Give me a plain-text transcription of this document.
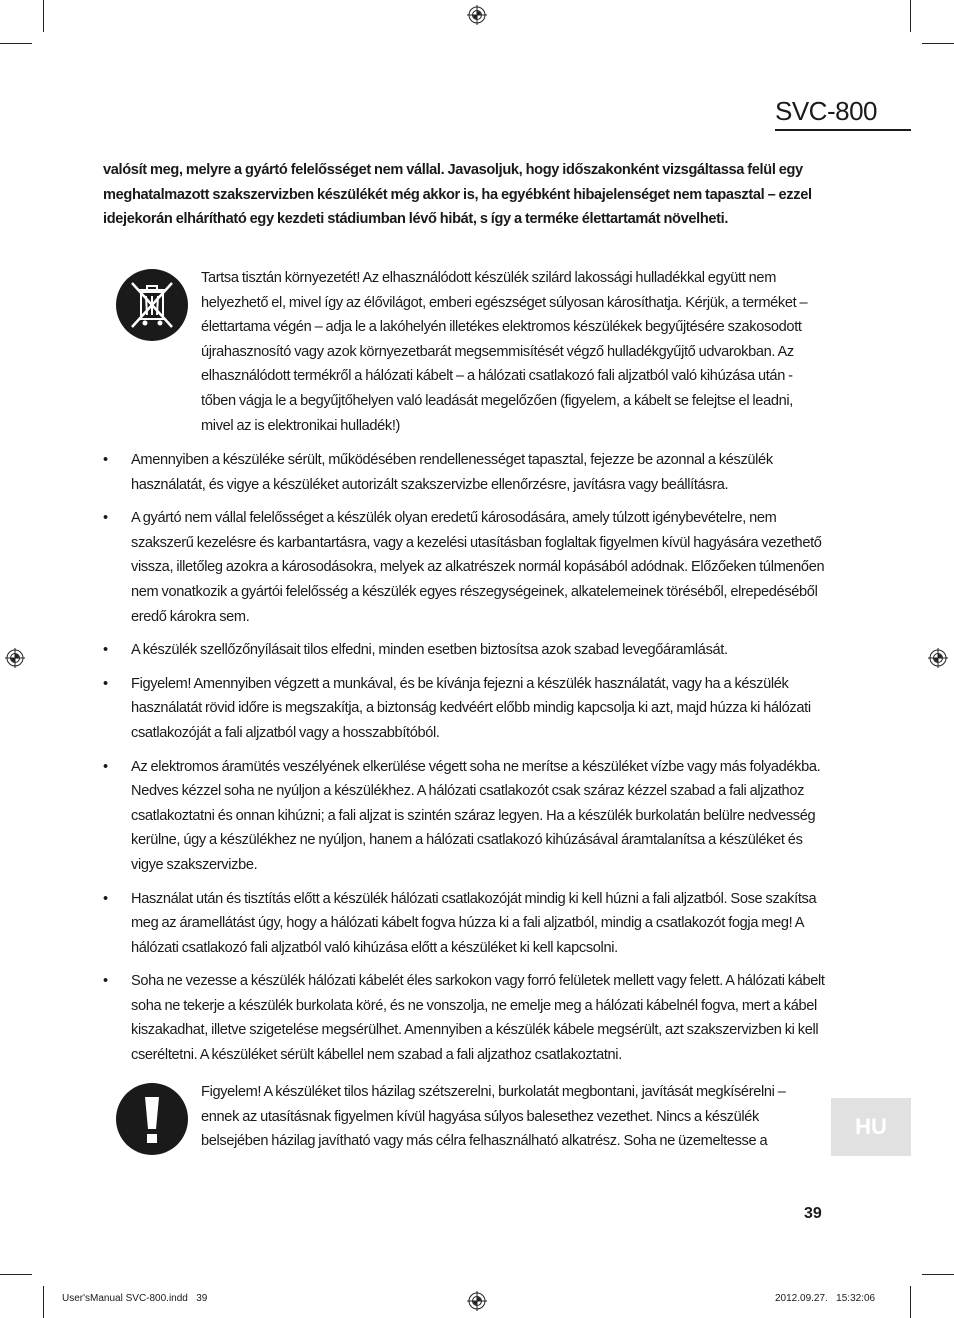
SVC-800
valósít meg, melyre a gyártó felelősséget nem vállal. Javasoljuk, hogy időszakonként vizsgáltassa felül egy meghatalmazott szakszervizben készülékét még akkor is, ha egyébként hibajelenséget nem tapasztal – ezzel idejekorán elhárítható egy kezdeti stádiumban lévő hibát, s így a terméke élettartamát növelheti.
Tartsa tisztán környezetét! Az elhasználódott készülék szilárd lakossági hulladékkal együtt nem helyezhető el, mivel így az élővilágot, emberi egészséget súlyosan károsíthatja. Kérjük, a terméket – élettartama végén – adja le a lakóhelyén illetékes elektromos készülékek begyűjtésére szakosodott újrahasznosító vagy azok környezetbarát megsemmisítését végző hulladékgyűjtő udvarokban. Az elhasználódott termékről a hálózati kábelt – a hálózati csatlakozó fali aljzatból való kihúzása után - tőben vágja le a begyűjtőhelyen való leadását megelőzően (figyelem, a kábelt se felejtse el leadni, mivel az is elektronikai hulladék!)
• Amennyiben a készüléke sérült, működésében rendellenességet tapasztal, fejezze be azonnal a készülék használatát, és vigye a készüléket autorizált szakszervizbe ellenőrzésre, javításra vagy beállításra.
• A gyártó nem vállal felelősséget a készülék olyan eredetű károsodására, amely túlzott igénybevételre, nem szakszerű kezelésre és karbantartásra, vagy a kezelési utasításban foglaltak figyelmen kívül hagyására vezethető vissza, illetőleg azokra a károsodásokra, melyek az alkatrészek normál kopásából adódnak. Előzőeken túlmenően nem vonatkozik a gyártói felelősség a készülék egyes részegységeinek, alkatelemeinek töréséből, elrepedéséből eredő károkra sem.
• A készülék szellőzőnyílásait tilos elfedni, minden esetben biztosítsa azok szabad levegőáramlását.
• Figyelem! Amennyiben végzett a munkával, és be kívánja fejezni a készülék használatát, vagy ha a készülék használatát rövid időre is megszakítja, a biztonság kedvéért előbb mindig kapcsolja ki azt, majd húzza ki hálózati csatlakozóját a fali aljzatból vagy a hosszabbítóból.
• Az elektromos áramütés veszélyének elkerülése végett soha ne merítse a készüléket vízbe vagy más folyadékba. Nedves kézzel soha ne nyúljon a készülékhez. A hálózati csatlakozót csak száraz kézzel szabad a fali aljzathoz csatlakoztatni és onnan kihúzni; a fali aljzat is szintén száraz legyen. Ha a készülék burkolatán belülre nedvesség kerülne, úgy a készülékhez ne nyúljon, hanem a hálózati csatlakozó kihúzásával áramtalanítsa a készüléket és vigye szakszervizbe.
• Használat után és tisztítás előtt a készülék hálózati csatlakozóját mindig ki kell húzni a fali aljzatból. Sose szakítsa meg az áramellátást úgy, hogy a hálózati kábelt fogva húzza ki a fali aljzatból, mindig a csatlakozót fogja meg! A hálózati csatlakozó fali aljzatból való kihúzása előtt a készüléket ki kell kapcsolni.
• Soha ne vezesse a készülék hálózati kábelét éles sarkokon vagy forró felületek mellett vagy felett. A hálózati kábelt soha ne tekerje a készülék burkolata köré, és ne vonszolja, ne emelje meg a hálózati kábelnél fogva, mert a kábel kiszakadhat, illetve szigetelése megsérülhet. Amennyiben a készülék kábele megsérült, azt szakszervizben ki kell cseréltetni. A készüléket sérült kábellel nem szabad a fali aljzathoz csatlakoztatni.
Figyelem! A készüléket tilos házilag szétszerelni, burkolatát megbontani, javítását megkísérelni – ennek az utasításnak figyelmen kívül hagyása súlyos balesethez vezethet. Nincs a készülék belsejében házilag javítható vagy más célra felhasználható alkatrész. Soha ne üzemeltesse a
HU
39
User'sManual SVC-800.indd   39	2012.09.27.   15:32:06
